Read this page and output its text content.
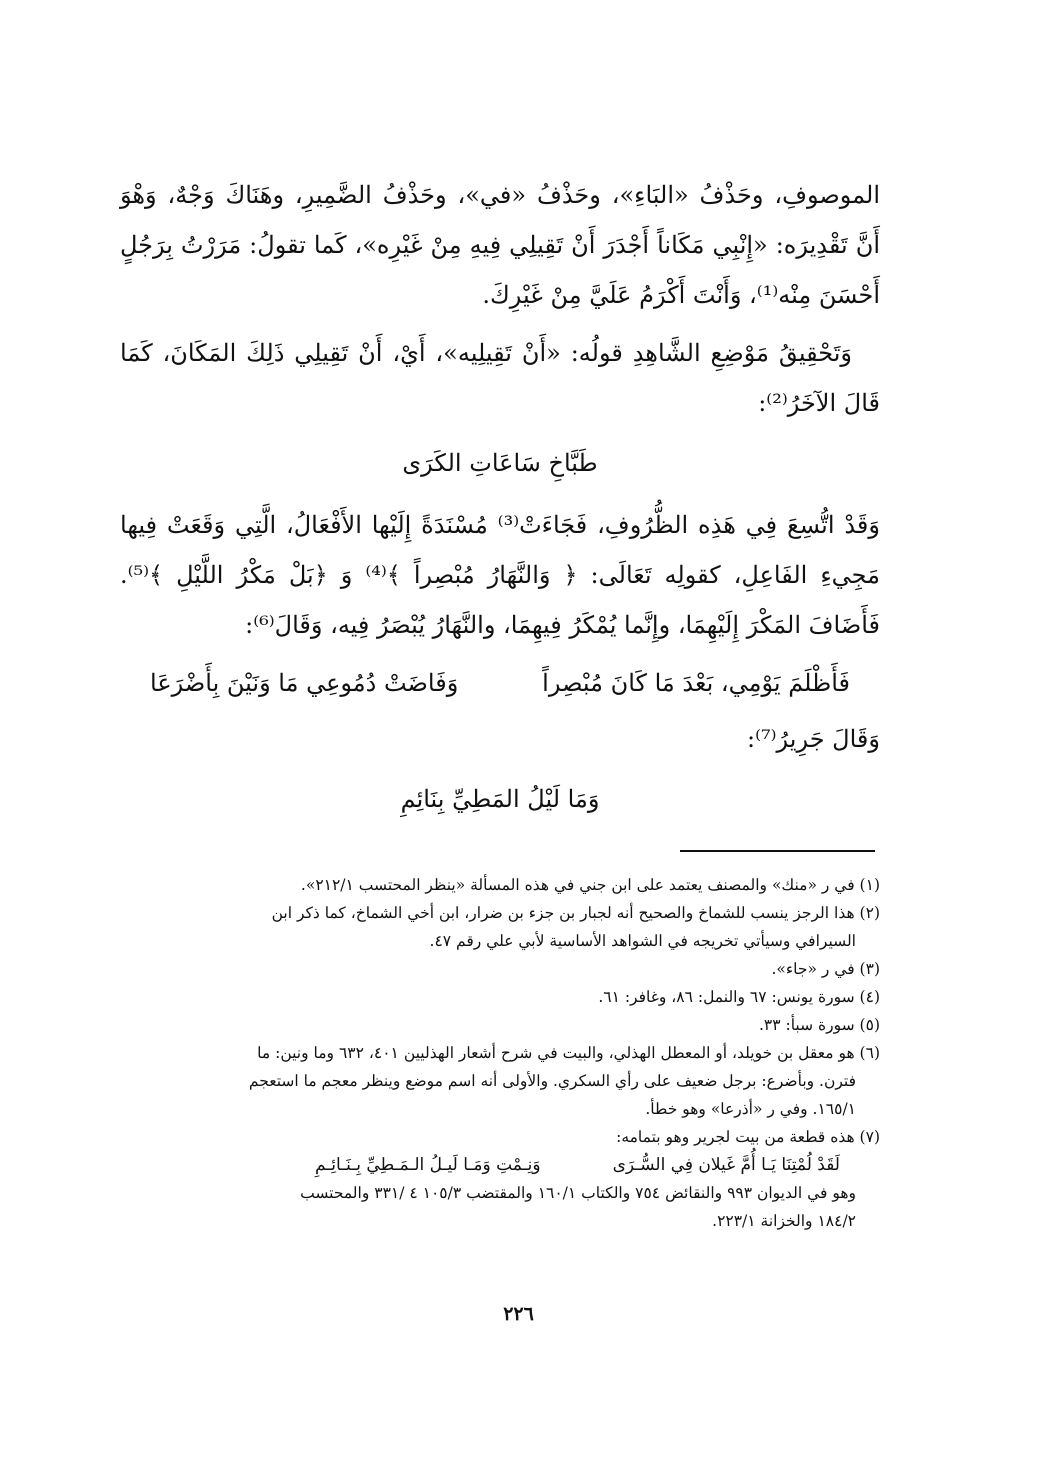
الموصوفِ، وحَذْفُ «البَاءِ»، وحَذْفُ «في»، وحَذْفُ الضَّمِيرِ، وهَنَاكَ وَجْهٌ، وَهْوَ أَنَّ تَقْدِيرَه: «إِنْبِي مَكَاناً أَجْدَرَ أَنْ تَقِيلِي فِيهِ مِنْ غَيْرِه»، كَما تقولُ: مَرَرْتُ بِرَجُلٍ أَحْسَنَ مِنْه⁽¹⁾، وَأَنْتَ أَكْرَمُ عَلَيَّ مِنْ غَيْرِكَ.

وَتَحْقِيقُ مَوْضِعِ الشَّاهِدِ قولُه: «أَنْ تَقِيلِيه»، أَيْ، أَنْ تَقِيلِي ذَلِكَ المَكَانَ، كَمَا قَالَ الآخَرُ⁽²⁾:

طَبَّاخِ سَاعَاتِ الكَرَى

وَقَدْ اتُّسِعَ فِي هَذِه الظُّرُوفِ، فَجَاءَتْ⁽³⁾ مُسْنَدَةً إِلَيْها الأَفْعَالُ، الَّتِي وَقَعَتْ فِيها مَجِيءِ الفَاعِلِ، كقولِه تَعَالَى: ﴿ وَالنَّهَارُ مُبْصِراً ﴾⁽⁴⁾ وَ ﴿بَلْ مَكْرُ اللَّيْلِ ﴾⁽⁵⁾. فَأَضَافَ المَكْرَ إِلَيْهِمَا، وإِنَّما يُمْكَرُ فِيهِمَا، والنَّهَارُ يُبْصَرُ فِيه، وَقَالَ⁽⁶⁾:

فَأَظْلَمَ يَوْمِي، بَعْدَ مَا كَانَ مُبْصِراً
وَفَاضَتْ دُمُوعِي مَا وَنَيْنَ بِأَضْرَعَا

وَقَالَ جَرِيرُ⁽⁷⁾:

وَمَا لَيْلُ المَطِيِّ بِنَائِمِ

(١) في ر «منك» والمصنف يعتمد على ابن جني في هذه المسألة «ينظر المحتسب ٢١٢/١».
(٢) هذا الرجز ينسب للشماخ والصحيح أنه لجبار بن جزء بن ضرار، ابن أخي الشماخ، كما ذكر ابن
السيرافي وسيأتي تخريجه في الشواهد الأساسية لأبي علي رقم ٤٧.
(٣) في ر «جاء».
(٤) سورة يونس: ٦٧ والنمل: ٨٦، وغافر: ٦١.
(٥) سورة سبأ: ٣٣.
(٦) هو معقل بن خويلد، أو المعطل الهذلي، والبيت في شرح أشعار الهذليين ٤٠١، ٦٣٢ وما ونين: ما
فترن. وبأضرع: برجل ضعيف على رأي السكري. والأولى أنه اسم موضع وينظر معجم ما استعجم
١٦٥/١. وفي ر «أذرعا» وهو خطأ.
(٧) هذه قطعة من بيت لجرير وهو بتمامه:
لَقَدْ لُمْتِنَا يَـا أُمَّ غَيلان فِي السُّـرَى
وَنِـمْتِ وَمَـا لَيـلُ الـمَـطِيِّ بِـنَـائِـمِ
وهو في الديوان ٩٩٣ والنقائض ٧٥٤ والكتاب ١٦٠/١ والمقتضب ١٠٥/٣ ٤ /٣٣١ والمحتسب
١٨٤/٢ والخزانة ٢٢٣/١.
٢٢٦
